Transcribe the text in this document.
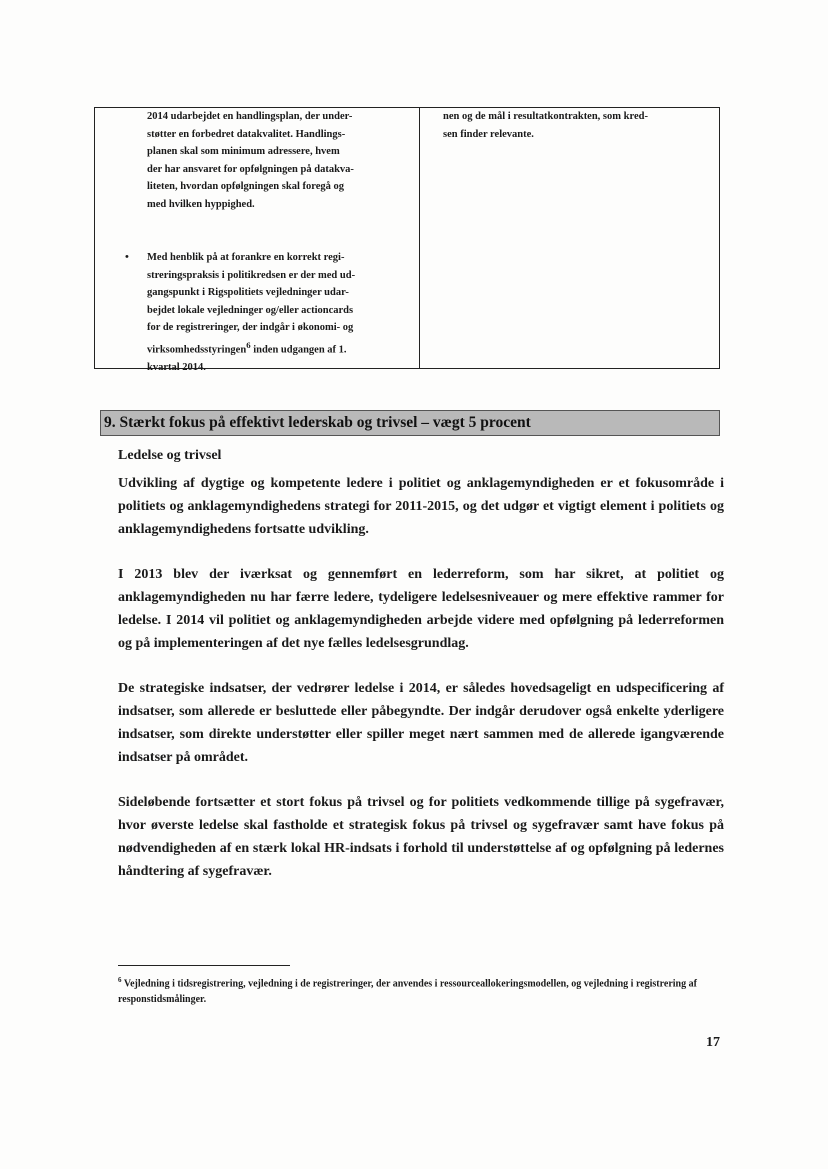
2014 udarbejdet en handlingsplan, der under-

støtter en forbedret datakvalitet. Handlings-

planen skal som minimum adressere, hvem

der har ansvaret for opfølgningen på datakva-

liteten, hvordan opfølgningen skal foregå og

med hvilken hyppighed.

• Med henblik på at forankre en korrekt regi-

streringspraksis i politikredsen er der med ud-

gangspunkt i Rigspolitiets vejledninger udar-

bejdet lokale vejledninger og/eller actioncards

for de registreringer, der indgår i økonomi- og

virksomhedsstyringen$^6$ inden udgangen af 1.

kvartal 2014.

nen og de mål i resultatkontrakten, som kred-

sen finder relevante.

9. Stærkt fokus på effektivt lederskab og trivsel – vægt 5 procent
Ledelse og trivsel

Udvikling af dygtige og kompetente ledere i politiet og anklagemyndigheden er et fokusområde i politiets og anklagemyndighedens strategi for 2011-2015, og det udgør et vigtigt element i politiets og anklagemyndighedens fortsatte udvikling.

I 2013 blev der iværksat og gennemført en lederreform, som har sikret, at politiet og anklagemyndigheden nu har færre ledere, tydeligere ledelsesniveauer og mere effektive rammer for ledelse. I 2014 vil politiet og anklagemyndigheden arbejde videre med opfølgning på lederreformen og på implementeringen af det nye fælles ledelsesgrundlag.

De strategiske indsatser, der vedrører ledelse i 2014, er således hovedsageligt en udspecificering af indsatser, som allerede er besluttede eller påbegyndte. Der indgår derudover også enkelte yderligere indsatser, som direkte understøtter eller spiller meget nært sammen med de allerede igangværende indsatser på området.

Sideløbende fortsætter et stort fokus på trivsel og for politiets vedkommende tillige på sygefravær, hvor øverste ledelse skal fastholde et strategisk fokus på trivsel og sygefravær samt have fokus på nødvendigheden af en stærk lokal HR-indsats i forhold til understøttelse af og opfølgning på ledernes håndtering af sygefravær.

$^6$ Vejledning i tidsregistrering, vejledning i de registreringer, der anvendes i ressourceallokeringsmodellen, og vejledning i registrering af responstidsmålinger.
17
